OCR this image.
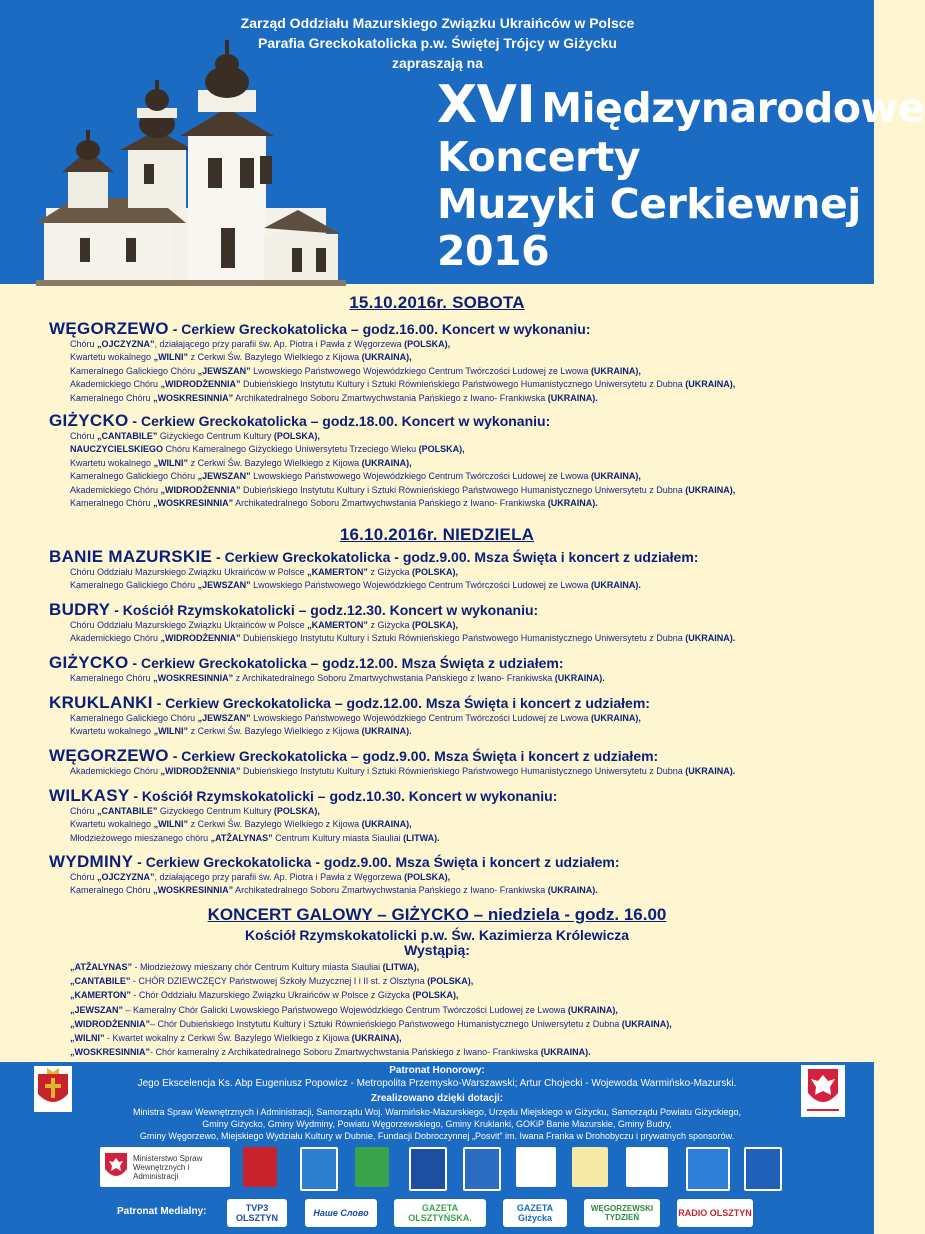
Zarząd Oddziału Mazurskiego Związku Ukraińców w Polsce
Parafia Greckokatolicka p.w. Świętej Trójcy w Giżycku
zapraszają na
XVI Międzynarodowe
Koncerty
Muzyki Cerkiewnej
2016
15.10.2016r. SOBOTA
WĘGORZEWO - Cerkiew Greckokatolicka – godz.16.00. Koncert w wykonaniu:
Chóru „OJCZYZNA”, działającego przy parafii św. Ap. Piotra i Pawła z Węgorzewa (POLSKA),
Kwartetu wokalnego „WILNI” z Cerkwi Św. Bazylego Wielkiego z Kijowa (UKRAINA),
Kameralnego Galickiego Chóru „JEWSZAN” Lwowskiego Państwowego Wojewódzkiego Centrum Twórczości Ludowej ze Lwowa (UKRAINA),
Akademickiego Chóru „WIDRODŻENNIA” Dubieńskiego Instytutu Kultury i Sztuki Równieńskiego Państwowego Humanistycznego Uniwersytetu z Dubna (UKRAINA),
Kameralnego Chóru „WOSKRESINNIA” Archikatedralnego Soboru Zmartwychwstania Pańskiego z Iwano- Frankiwska (UKRAINA).
GIŻYCKO - Cerkiew Greckokatolicka – godz.18.00. Koncert w wykonaniu:
Chóru „CANTABILE” Giżyckiego Centrum Kultury (POLSKA),
NAUCZYCIELSKIEGO Chóru Kameralnego Giżyckiego Uniwersytetu Trzeciego Wieku (POLSKA),
Kwartetu wokalnego „WILNI” z Cerkwi Św. Bazylego Wielkiego z Kijowa (UKRAINA),
Kameralnego Galickiego Chóru „JEWSZAN” Lwowskiego Państwowego Wojewódzkiego Centrum Twórczości Ludowej ze Lwowa (UKRAINA),
Akademickiego Chóru „WIDRODŻENNIA” Dubieńskiego Instytutu Kultury i Sztuki Równieńskiego Państwowego Humanistycznego Uniwersytetu z Dubna (UKRAINA),
Kameralnego Chóru „WOSKRESINNIA” Archikatedralnego Soboru Zmartwychwstania Pańskiego z Iwano- Frankiwska (UKRAINA).
16.10.2016r. NIEDZIELA
BANIE MAZURSKIE - Cerkiew Greckokatolicka - godz.9.00. Msza Święta i koncert z udziałem:
Chóru Oddziału Mazurskiego Związku Ukraińców w Polsce „KAMERTON” z Giżycka (POLSKA),
Kameralnego Galickiego Chóru „JEWSZAN” Lwowskiego Państwowego Wojewódzkiego Centrum Twórczości Ludowej ze Lwowa (UKRAINA).
BUDRY - Kościół Rzymskokatolicki – godz.12.30. Koncert w wykonaniu:
Chóru Oddziału Mazurskiego Związku Ukraińców w Polsce „KAMERTON” z Giżycka (POLSKA),
Akademickiego Chóru „WIDRODŻENNIA” Dubieńskiego Instytutu Kultury i Sztuki Równieńskiego Państwowego Humanistycznego Uniwersytetu z Dubna (UKRAINA).
GIŻYCKO - Cerkiew Greckokatolicka – godz.12.00. Msza Święta z udziałem:
Kameralnego Chóru „WOSKRESINNIA” z Archikatedralnego Soboru Zmartwychwstania Pańskiego z Iwano- Frankiwska (UKRAINA).
KRUKLANKI - Cerkiew Greckokatolicka – godz.12.00. Msza Święta i koncert z udziałem:
Kameralnego Galickiego Chóru „JEWSZAN” Lwowskiego Państwowego Wojewódzkiego Centrum Twórczości Ludowej ze Lwowa (UKRAINA),
Kwartetu wokalnego „WILNI” z Cerkwi Św. Bazylego Wielkiego z Kijowa (UKRAINA).
WĘGORZEWO - Cerkiew Greckokatolicka – godz.9.00. Msza Święta i koncert z udziałem:
Akademickiego Chóru „WIDRODŻENNIA” Dubieńskiego Instytutu Kultury i Sztuki Równieńskiego Państwowego Humanistycznego Uniwersytetu z Dubna (UKRAINA).
WILKASY - Kościół Rzymskokatolicki – godz.10.30. Koncert w wykonaniu:
Chóru „CANTABILE” Giżyckiego Centrum Kultury (POLSKA),
Kwartetu wokalnego „WILNI” z Cerkwi Św. Bazylego Wielkiego z Kijowa (UKRAINA),
Młodzieżowego mieszanego chóru „ATŽALYNAS” Centrum Kultury miasta Siauliai (LITWA).
WYDMINY - Cerkiew Greckokatolicka - godz.9.00. Msza Święta i koncert z udziałem:
Chóru „OJCZYZNA”, działającego przy parafii św. Ap. Piotra i Pawła z Węgorzewa (POLSKA),
Kameralnego Chóru „WOSKRESINNIA” Archikatedralnego Soboru Zmartwychwstania Pańskiego z Iwano- Frankiwska (UKRAINA).
KONCERT GALOWY – GIŻYCKO – niedziela - godz. 16.00
Kościół Rzymskokatolicki p.w. Św. Kazimierza Królewicza
Wystąpią:
„ATŽALYNAS” - Młodzieżowy mieszany chór Centrum Kultury miasta Siauliai (LITWA),
„CANTABILE” - CHÓR DZIEWCZĘCY Państwowej Szkoły Muzycznej I i II st. z Olsztyna (POLSKA),
„KAMERTON” - Chór Oddziału Mazurskiego Związku Ukraińców w Polsce z Giżycka (POLSKA),
„JEWSZAN” – Kameralny Chór Galicki Lwowskiego Państwowego Wojewódzkiego Centrum Twórczości Ludowej ze Lwowa (UKRAINA),
„WIDRODŻENNIA”– Chór Dubieńskiego Instytutu Kultury i Sztuki Równieńskiego Państwowego Humanistycznego Uniwersytetu z Dubna (UKRAINA),
„WILNI” - Kwartet wokalny z Cerkwi Św. Bazylego Wielkiego z Kijowa (UKRAINA),
„WOSKRESINNIA”- Chór kameralny z Archikatedralnego Soboru Zmartwychwstania Pańskiego z Iwano- Frankiwska (UKRAINA).
Patronat Honorowy:
Jego Ekscelencja Ks. Abp Eugeniusz Popowicz - Metropolita Przemysko-Warszawski; Artur Chojecki - Wojewoda Warmińsko-Mazurski.
Zrealizowano dzięki dotacji:
Ministra Spraw Wewnętrznych i Administracji, Samorządu Woj. Warmińsko-Mazurskiego, Urzędu Miejskiego w Giżycku, Samorządu Powiatu Giżyckiego,
Gminy Giżycko, Gminy Wydminy, Powiatu Węgorzewskiego, Gminy Kruklanki, GOKiP Banie Mazurskie, Gminy Budry,
Gminy Węgorzewo, Miejskiego Wydziału Kultury w Dubnie, Fundacji Dobroczynnej „Posvit” im. Iwana Franka w Drohobyczu i prywatnych sponsorów.
Ministerstwo Spraw Wewnętrznych i Administracji
Patronat Medialny:	TVP3 OLSZTYN	Наше Слово	GAZETA OLSZTYŃSKA.
GAZETA Giżycka
WĘGORZEWSKI TYDZIEŃ	RADIO OLSZTYN
